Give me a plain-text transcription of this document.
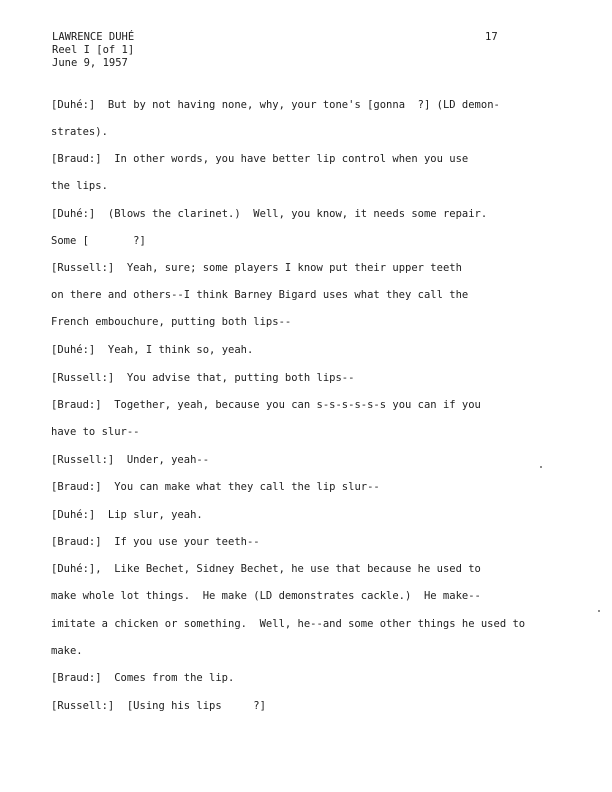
LAWRENCE DUHÉ
Reel I [of 1]
June 9, 1957
17
[Duhé:]  But by not having none, why, your tone's [gonna  ?] (LD demon-
strates).
[Braud:]  In other words, you have better lip control when you use
the lips.
[Duhé:]  (Blows the clarinet.)  Well, you know, it needs some repair.
Some [       ?]
[Russell:]  Yeah, sure; some players I know put their upper teeth
on there and others--I think Barney Bigard uses what they call the
French embouchure, putting both lips--
[Duhé:]  Yeah, I think so, yeah.
[Russell:]  You advise that, putting both lips--
[Braud:]  Together, yeah, because you can s-s-s-s-s-s you can if you
have to slur--
[Russell:]  Under, yeah--
[Braud:]  You can make what they call the lip slur--
[Duhé:]  Lip slur, yeah.
[Braud:]  If you use your teeth--
[Duhé:],  Like Bechet, Sidney Bechet, he use that because he used to
make whole lot things.  He make (LD demonstrates cackle.)  He make--
imitate a chicken or something.  Well, he--and some other things he used to
make.
[Braud:]  Comes from the lip.
[Russell:]  [Using his lips     ?]
